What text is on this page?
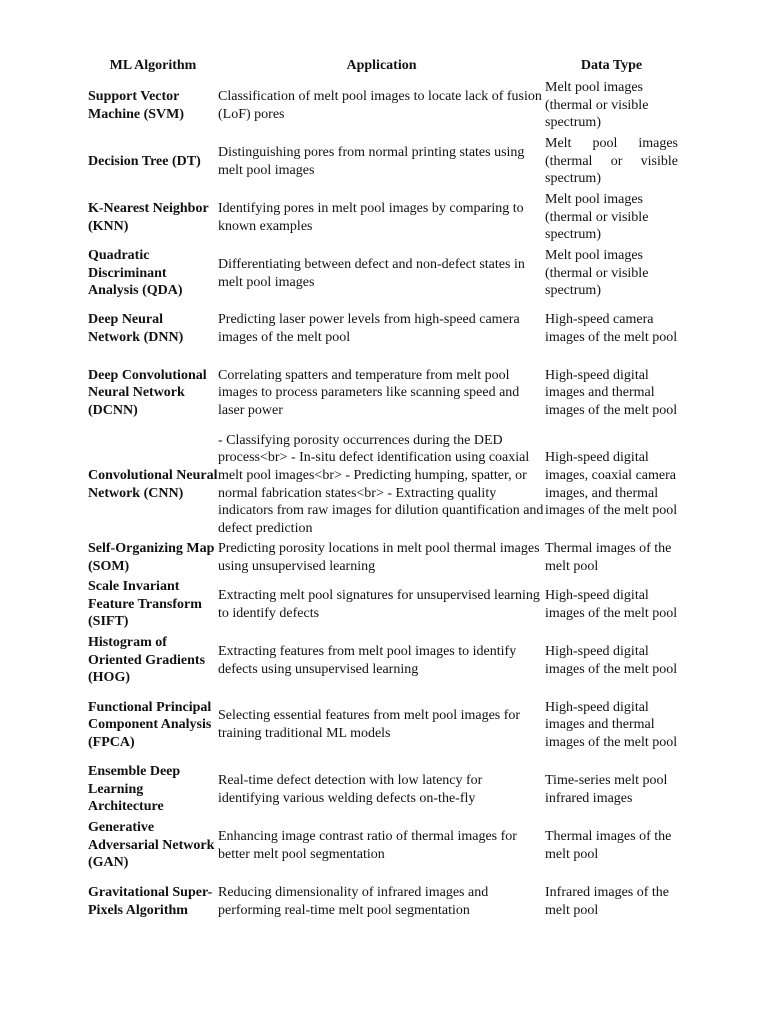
ML Algorithm	Application	Data Type
Support Vector Machine (SVM)	Classification of melt pool images to locate lack of fusion (LoF) pores	Melt pool images (thermal or visible spectrum)
Decision Tree (DT)	Distinguishing pores from normal printing states using melt pool images	Melt pool images (thermal or visible spectrum)
K-Nearest Neighbor (KNN)	Identifying pores in melt pool images by comparing to known examples	Melt pool images (thermal or visible spectrum)
Quadratic Discriminant Analysis (QDA)	Differentiating between defect and non-defect states in melt pool images	Melt pool images (thermal or visible spectrum)
Deep Neural Network (DNN)	Predicting laser power levels from high-speed camera images of the melt pool	High-speed camera images of the melt pool
Deep Convolutional Neural Network (DCNN)	Correlating spatters and temperature from melt pool images to process parameters like scanning speed and laser power	High-speed digital images and thermal images of the melt pool
Convolutional Neural Network (CNN)	- Classifying porosity occurrences during the DED process<br> - In-situ defect identification using coaxial melt pool images<br> - Predicting humping, spatter, or normal fabrication states<br> - Extracting quality indicators from raw images for dilution quantification and defect prediction	High-speed digital images, coaxial camera images, and thermal images of the melt pool
Self-Organizing Map (SOM)	Predicting porosity locations in melt pool thermal images using unsupervised learning	Thermal images of the melt pool
Scale Invariant Feature Transform (SIFT)	Extracting melt pool signatures for unsupervised learning to identify defects	High-speed digital images of the melt pool
Histogram of Oriented Gradients (HOG)	Extracting features from melt pool images to identify defects using unsupervised learning	High-speed digital images of the melt pool
Functional Principal Component Analysis (FPCA)	Selecting essential features from melt pool images for training traditional ML models	High-speed digital images and thermal images of the melt pool
Ensemble Deep Learning Architecture	Real-time defect detection with low latency for identifying various welding defects on-the-fly	Time-series melt pool infrared images
Generative Adversarial Network (GAN)	Enhancing image contrast ratio of thermal images for better melt pool segmentation	Thermal images of the melt pool
Gravitational Super-Pixels Algorithm	Reducing dimensionality of infrared images and performing real-time melt pool segmentation	Infrared images of the melt pool
